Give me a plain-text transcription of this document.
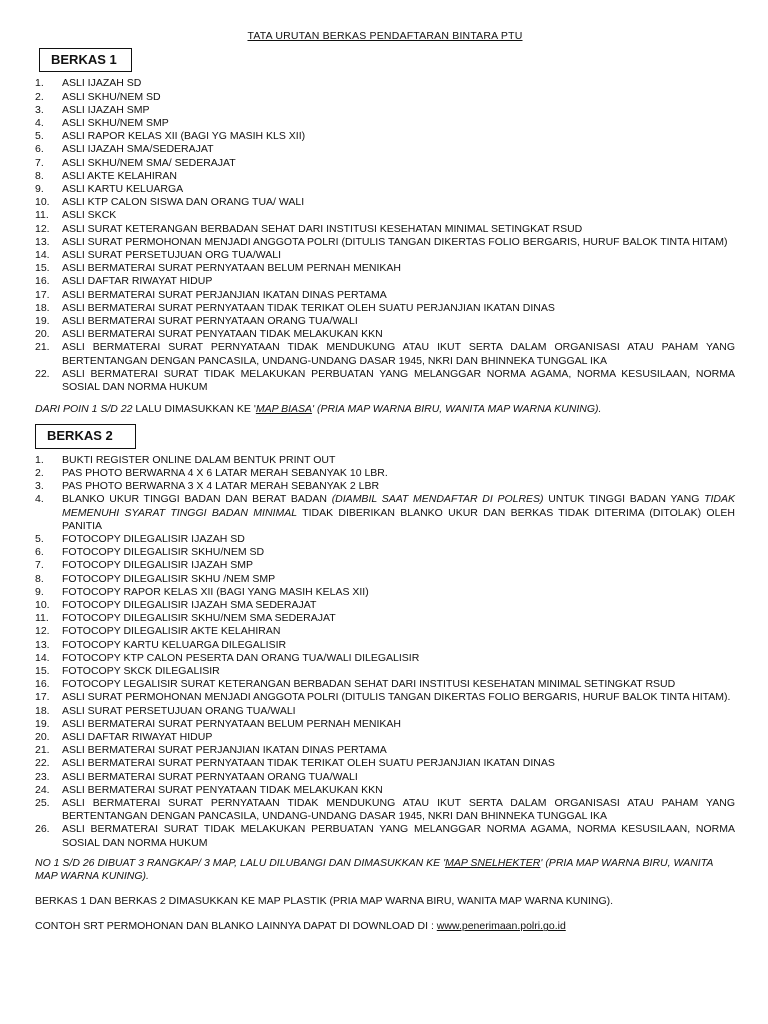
TATA URUTAN BERKAS PENDAFTARAN BINTARA PTU
BERKAS 1
1.	ASLI IJAZAH SD
2.	ASLI SKHU/NEM SD
3.	ASLI IJAZAH SMP
4.	ASLI SKHU/NEM SMP
5.	ASLI RAPOR KELAS XII (BAGI YG MASIH KLS XII)
6.	ASLI IJAZAH SMA/SEDERAJAT
7.	ASLI SKHU/NEM SMA/ SEDERAJAT
8.	ASLI AKTE KELAHIRAN
9.	ASLI KARTU KELUARGA
10.	ASLI KTP CALON SISWA DAN ORANG TUA/ WALI
11.	ASLI SKCK
12.	ASLI SURAT KETERANGAN BERBADAN SEHAT DARI INSTITUSI KESEHATAN MINIMAL SETINGKAT RSUD
13.	ASLI SURAT PERMOHONAN MENJADI ANGGOTA POLRI (DITULIS TANGAN DIKERTAS FOLIO BERGARIS, HURUF BALOK TINTA HITAM)
14.	ASLI SURAT PERSETUJUAN ORG TUA/WALI
15.	ASLI BERMATERAI SURAT PERNYATAAN BELUM PERNAH MENIKAH
16.	ASLI DAFTAR RIWAYAT HIDUP
17.	ASLI BERMATERAI SURAT PERJANJIAN IKATAN DINAS PERTAMA
18.	ASLI BERMATERAI SURAT PERNYATAAN TIDAK TERIKAT OLEH SUATU PERJANJIAN IKATAN DINAS
19.	ASLI BERMATERAI SURAT PERNYATAAN ORANG TUA/WALI
20.	ASLI BERMATERAI SURAT PENYATAAN TIDAK MELAKUKAN KKN
21.	ASLI BERMATERAI SURAT PERNYATAAN TIDAK MENDUKUNG ATAU IKUT SERTA DALAM ORGANISASI ATAU PAHAM YANG BERTENTANGAN DENGAN PANCASILA, UNDANG-UNDANG DASAR 1945, NKRI DAN BHINNEKA TUNGGAL IKA
22.	ASLI BERMATERAI SURAT TIDAK MELAKUKAN PERBUATAN YANG MELANGGAR NORMA AGAMA, NORMA KESUSILAAN, NORMA SOSIAL DAN NORMA HUKUM
DARI POIN 1 S/D 22 LALU DIMASUKKAN KE 'MAP BIASA' (PRIA MAP WARNA BIRU, WANITA MAP WARNA KUNING).
BERKAS 2
1.	BUKTI REGISTER ONLINE DALAM BENTUK PRINT OUT
2.	PAS PHOTO BERWARNA 4 X 6 LATAR MERAH SEBANYAK 10 LBR.
3.	PAS PHOTO BERWARNA 3 X 4 LATAR MERAH SEBANYAK 2 LBR
4.	BLANKO UKUR TINGGI BADAN DAN BERAT BADAN (DIAMBIL SAAT MENDAFTAR DI POLRES) UNTUK TINGGI BADAN YANG TIDAK MEMENUHI SYARAT TINGGI BADAN MINIMAL TIDAK DIBERIKAN BLANKO UKUR DAN BERKAS TIDAK DITERIMA (DITOLAK) OLEH PANITIA
5.	FOTOCOPY DILEGALISIR IJAZAH SD
6.	FOTOCOPY DILEGALISIR SKHU/NEM SD
7.	FOTOCOPY DILEGALISIR IJAZAH SMP
8.	FOTOCOPY DILEGALISIR SKHU /NEM SMP
9.	FOTOCOPY RAPOR KELAS XII (BAGI YANG MASIH KELAS XII)
10.	FOTOCOPY DILEGALISIR IJAZAH SMA SEDERAJAT
11.	FOTOCOPY DILEGALISIR SKHU/NEM SMA SEDERAJAT
12.	FOTOCOPY DILEGALISIR AKTE KELAHIRAN
13.	FOTOCOPY KARTU KELUARGA DILEGALISIR
14.	FOTOCOPY KTP CALON PESERTA DAN ORANG TUA/WALI DILEGALISIR
15.	FOTOCOPY SKCK DILEGALISIR
16.	FOTOCOPY LEGALISIR SURAT KETERANGAN BERBADAN SEHAT DARI INSTITUSI KESEHATAN MINIMAL SETINGKAT RSUD
17.	ASLI SURAT PERMOHONAN MENJADI ANGGOTA POLRI (DITULIS TANGAN DIKERTAS FOLIO BERGARIS, HURUF BALOK TINTA HITAM).
18.	ASLI SURAT PERSETUJUAN ORANG TUA/WALI
19.	ASLI BERMATERAI SURAT PERNYATAAN BELUM PERNAH MENIKAH
20.	ASLI DAFTAR RIWAYAT HIDUP
21.	ASLI BERMATERAI SURAT PERJANJIAN IKATAN DINAS PERTAMA
22.	ASLI BERMATERAI SURAT PERNYATAAN TIDAK TERIKAT OLEH SUATU PERJANJIAN IKATAN DINAS
23.	ASLI BERMATERAI SURAT PERNYATAAN ORANG TUA/WALI
24.	ASLI BERMATERAI SURAT PENYATAAN TIDAK MELAKUKAN KKN
25.	ASLI BERMATERAI SURAT PERNYATAAN TIDAK MENDUKUNG ATAU IKUT SERTA DALAM ORGANISASI ATAU PAHAM YANG BERTENTANGAN DENGAN PANCASILA, UNDANG-UNDANG DASAR 1945, NKRI DAN BHINNEKA TUNGGAL IKA
26.	ASLI BERMATERAI SURAT TIDAK MELAKUKAN PERBUATAN YANG MELANGGAR NORMA AGAMA, NORMA KESUSILAAN, NORMA SOSIAL DAN NORMA HUKUM
NO 1 S/D 26 DIBUAT 3 RANGKAP/ 3 MAP, LALU DILUBANGI DAN DIMASUKKAN KE 'MAP SNELHEKTER' (PRIA MAP WARNA BIRU, WANITA MAP WARNA KUNING).
BERKAS 1 DAN BERKAS 2 DIMASUKKAN KE MAP PLASTIK (PRIA MAP WARNA BIRU, WANITA MAP WARNA KUNING).
CONTOH SRT PERMOHONAN DAN BLANKO LAINNYA DAPAT DI DOWNLOAD DI : www.penerimaan.polri.go.id
